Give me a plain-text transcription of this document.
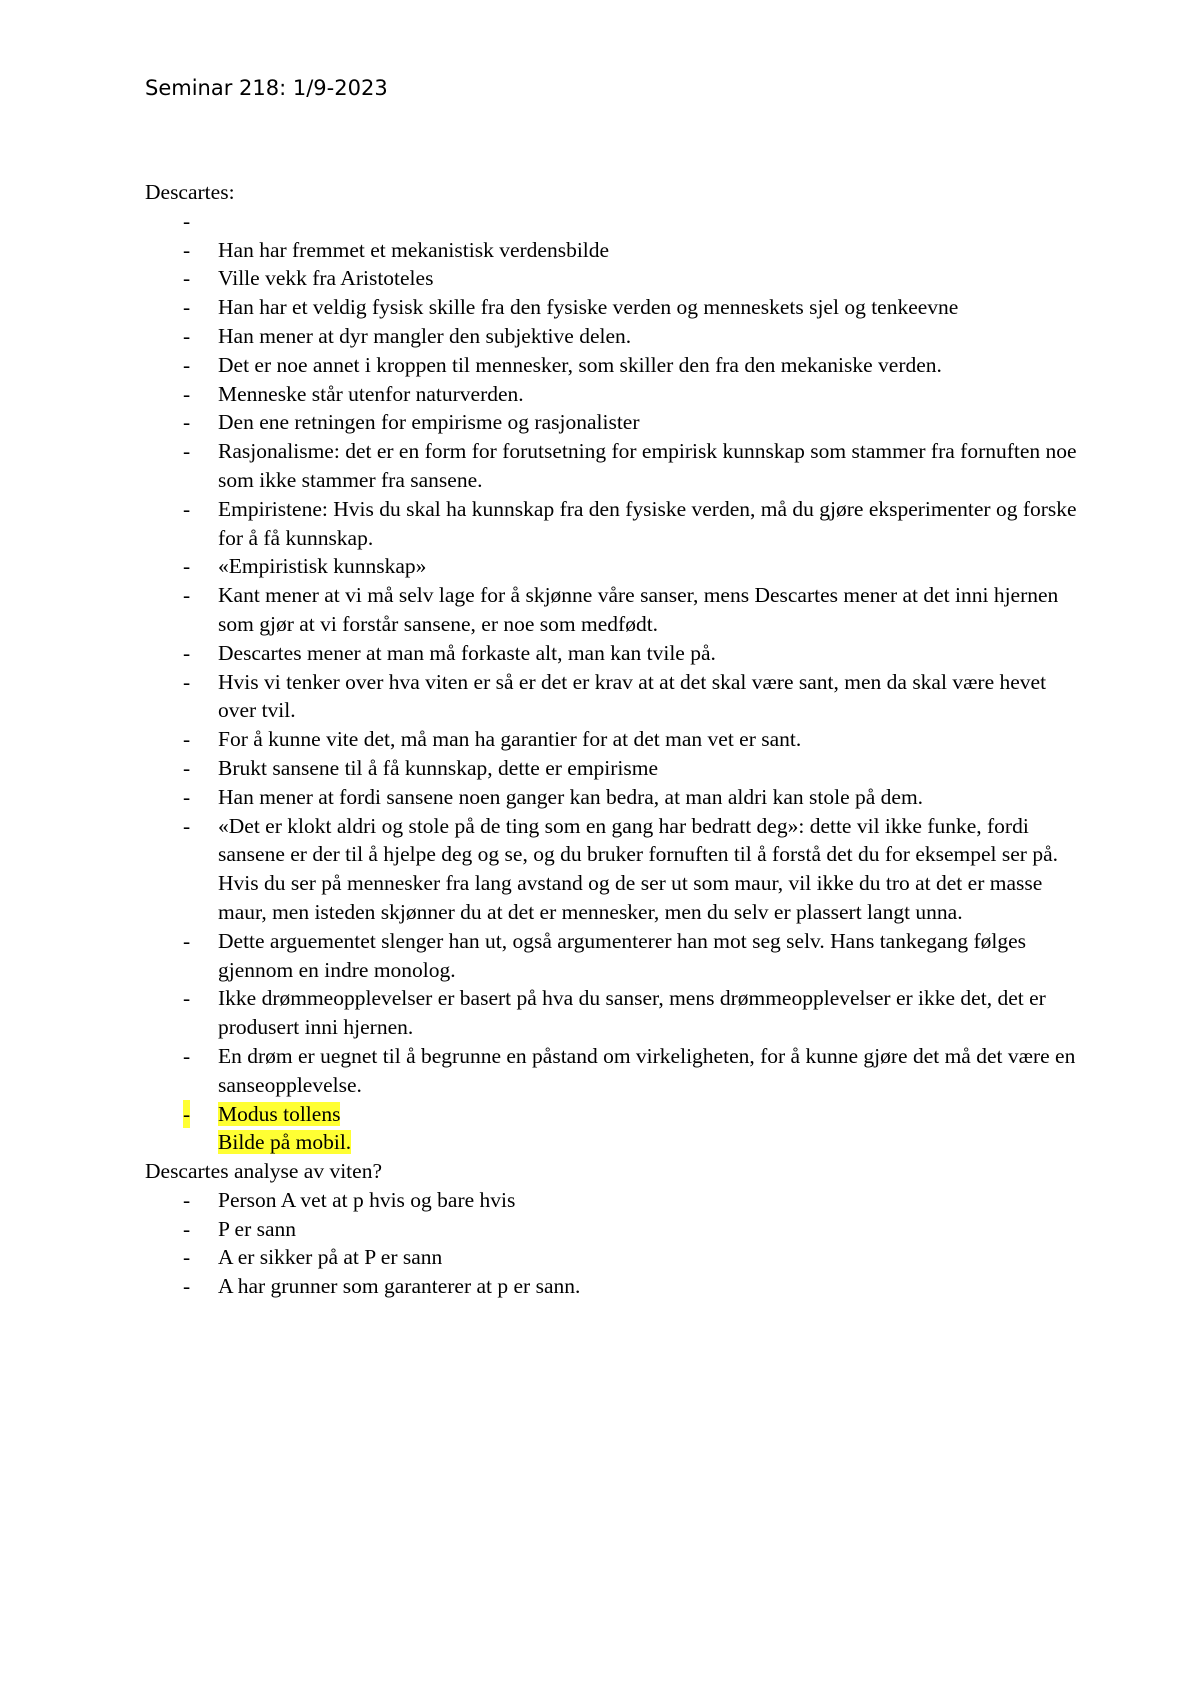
Seminar 218: 1/9-2023

Descartes:

-
- Han har fremmet et mekanistisk verdensbilde
- Ville vekk fra Aristoteles
- Han har et veldig fysisk skille fra den fysiske verden og menneskets sjel og tenkeevne
- Han mener at dyr mangler den subjektive delen.
- Det er noe annet i kroppen til mennesker, som skiller den fra den mekaniske verden.
- Menneske står utenfor naturverden.
- Den ene retningen for empirisme og rasjonalister
- Rasjonalisme: det er en form for forutsetning for empirisk kunnskap som stammer fra fornuften noe som ikke stammer fra sansene.
- Empiristene: Hvis du skal ha kunnskap fra den fysiske verden, må du gjøre eksperimenter og forske for å få kunnskap.
- «Empiristisk kunnskap»
- Kant mener at vi må selv lage for å skjønne våre sanser, mens Descartes mener at det inni hjernen som gjør at vi forstår sansene, er noe som medfødt.
- Descartes mener at man må forkaste alt, man kan tvile på.
- Hvis vi tenker over hva viten er så er det er krav at at det skal være sant, men da skal være hevet over tvil.
- For å kunne vite det, må man ha garantier for at det man vet er sant.
- Brukt sansene til å få kunnskap, dette er empirisme
- Han mener at fordi sansene noen ganger kan bedra, at man aldri kan stole på dem.
- «Det er klokt aldri og stole på de ting som en gang har bedratt deg»: dette vil ikke funke, fordi sansene er der til å hjelpe deg og se, og du bruker fornuften til å forstå det du for eksempel ser på. Hvis du ser på mennesker fra lang avstand og de ser ut som maur, vil ikke du tro at det er masse maur, men isteden skjønner du at det er mennesker, men du selv er plassert langt unna.
- Dette arguementet slenger han ut, også argumenterer han mot seg selv. Hans tankegang følges gjennom en indre monolog.
- Ikke drømmeopplevelser er basert på hva du sanser, mens drømmeopplevelser er ikke det, det er produsert inni hjernen.
- En drøm er uegnet til å begrunne en påstand om virkeligheten, for å kunne gjøre det må det være en sanseopplevelse.
- Modus tollens
Bilde på mobil.

Descartes analyse av viten?

- Person A vet at p hvis og bare hvis
- P er sann
- A er sikker på at P er sann
- A har grunner som garanterer at p er sann.
